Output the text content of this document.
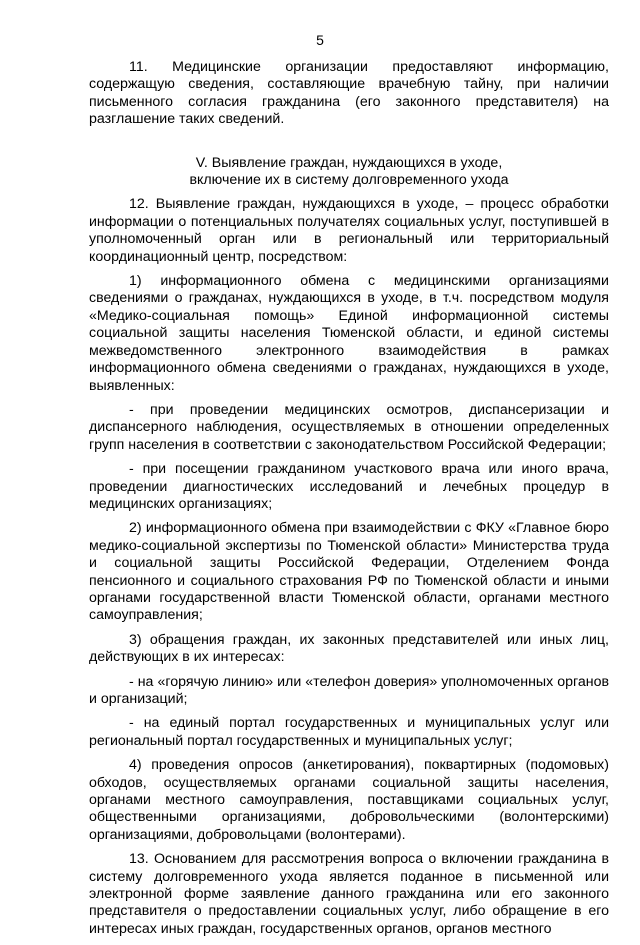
5

11. Медицинские организации предоставляют информацию, содержащую сведения, составляющие врачебную тайну, при наличии письменного согласия гражданина (его законного представителя) на разглашение таких сведений.

V. Выявление граждан, нуждающихся в уходе,
включение их в систему долговременного ухода

12. Выявление граждан, нуждающихся в уходе, – процесс обработки информации о потенциальных получателях социальных услуг, поступившей в уполномоченный орган или в региональный или территориальный координационный центр, посредством:

1) информационного обмена с медицинскими организациями сведениями о гражданах, нуждающихся в уходе, в т.ч. посредством модуля «Медико-социальная помощь» Единой информационной системы социальной защиты населения Тюменской области, и единой системы межведомственного электронного взаимодействия в рамках информационного обмена сведениями о гражданах, нуждающихся в уходе, выявленных:

- при проведении медицинских осмотров, диспансеризации и диспансерного наблюдения, осуществляемых в отношении определенных групп населения в соответствии с законодательством Российской Федерации;

- при посещении гражданином участкового врача или иного врача, проведении диагностических исследований и лечебных процедур в медицинских организациях;

2) информационного обмена при взаимодействии с ФКУ «Главное бюро медико-социальной экспертизы по Тюменской области» Министерства труда и социальной защиты Российской Федерации, Отделением Фонда пенсионного и социального страхования РФ по Тюменской области и иными органами государственной власти Тюменской области, органами местного самоуправления;

3) обращения граждан, их законных представителей или иных лиц, действующих в их интересах:

- на «горячую линию» или «телефон доверия» уполномоченных органов и организаций;

- на единый портал государственных и муниципальных услуг или региональный портал государственных и муниципальных услуг;

4) проведения опросов (анкетирования), поквартирных (подомовых) обходов, осуществляемых органами социальной защиты населения, органами местного самоуправления, поставщиками социальных услуг, общественными организациями, добровольческими (волонтерскими) организациями, добровольцами (волонтерами).

13. Основанием для рассмотрения вопроса о включении гражданина в систему долговременного ухода является поданное в письменной или электронной форме заявление данного гражданина или его законного представителя о предоставлении социальных услуг, либо обращение в его интересах иных граждан, государственных органов, органов местного
